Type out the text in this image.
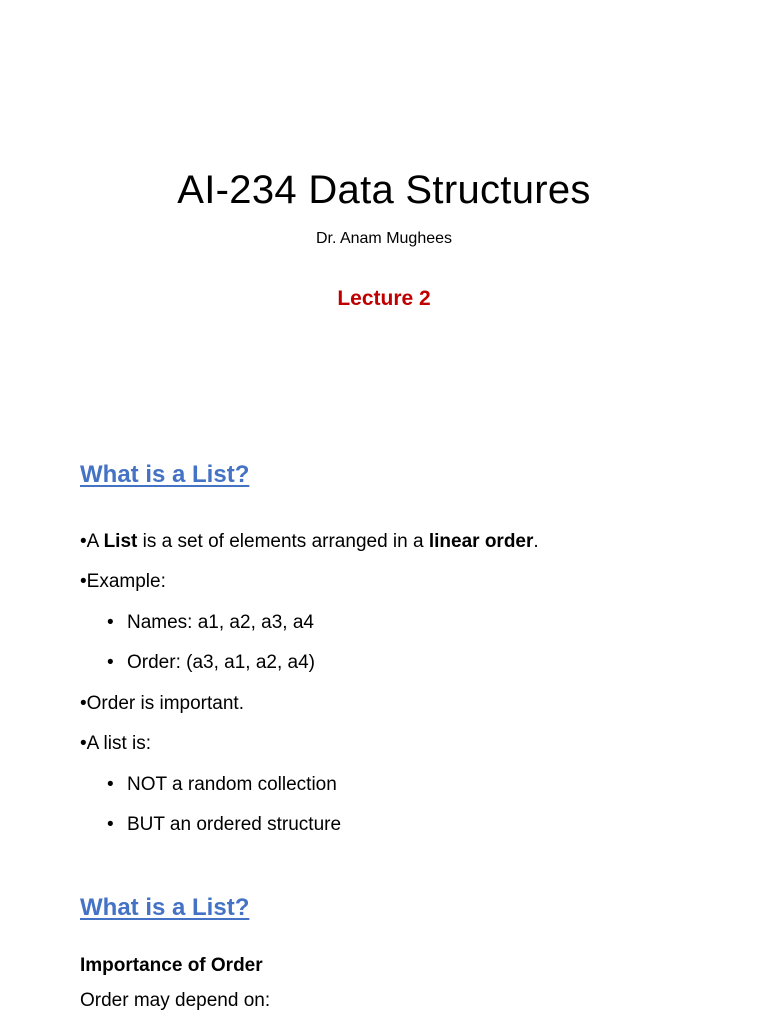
AI-234 Data Structures
Dr. Anam Mughees
Lecture 2
What is a List?
•A List is a set of elements arranged in a linear order.
•Example:
• Names: a1, a2, a3, a4
• Order: (a3, a1, a2, a4)
•Order is important.
•A list is:
• NOT a random collection
• BUT an ordered structure
What is a List?
Importance of Order
Order may depend on:
